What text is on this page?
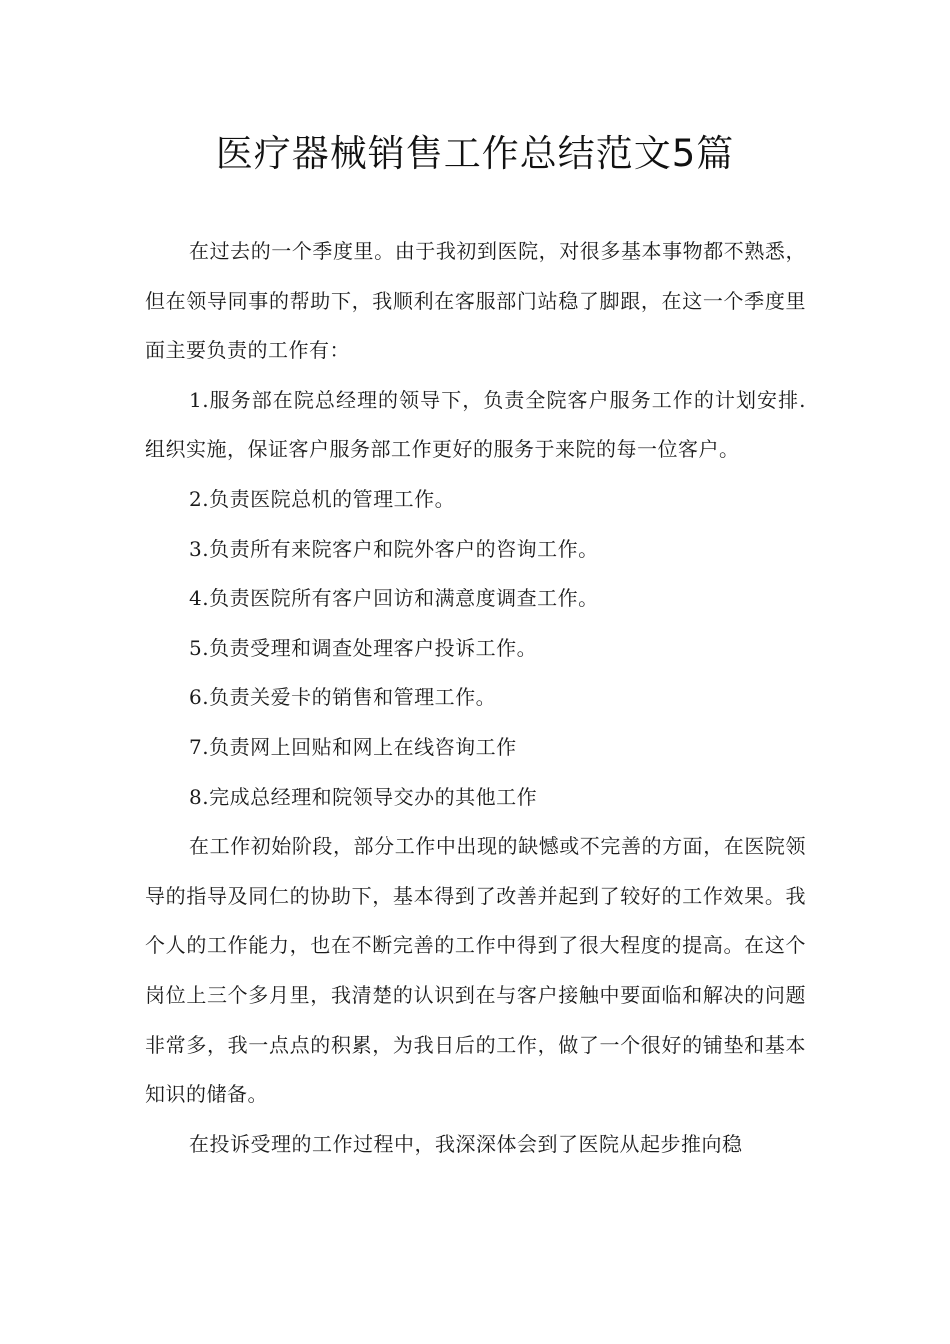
医疗器械销售工作总结范文5篇

在过去的一个季度里。由于我初到医院，对很多基本事物都不熟悉，但在领导同事的帮助下，我顺利在客服部门站稳了脚跟，在这一个季度里面主要负责的工作有：

1.服务部在院总经理的领导下，负责全院客户服务工作的计划安排.组织实施，保证客户服务部工作更好的服务于来院的每一位客户。

2.负责医院总机的管理工作。

3.负责所有来院客户和院外客户的咨询工作。

4.负责医院所有客户回访和满意度调查工作。

5.负责受理和调查处理客户投诉工作。

6.负责关爱卡的销售和管理工作。

7.负责网上回贴和网上在线咨询工作

8.完成总经理和院领导交办的其他工作

在工作初始阶段，部分工作中出现的缺憾或不完善的方面，在医院领导的指导及同仁的协助下，基本得到了改善并起到了较好的工作效果。我个人的工作能力，也在不断完善的工作中得到了很大程度的提高。在这个岗位上三个多月里，我清楚的认识到在与客户接触中要面临和解决的问题非常多，我一点点的积累，为我日后的工作，做了一个很好的铺垫和基本知识的储备。

在投诉受理的工作过程中，我深深体会到了医院从起步推向稳
